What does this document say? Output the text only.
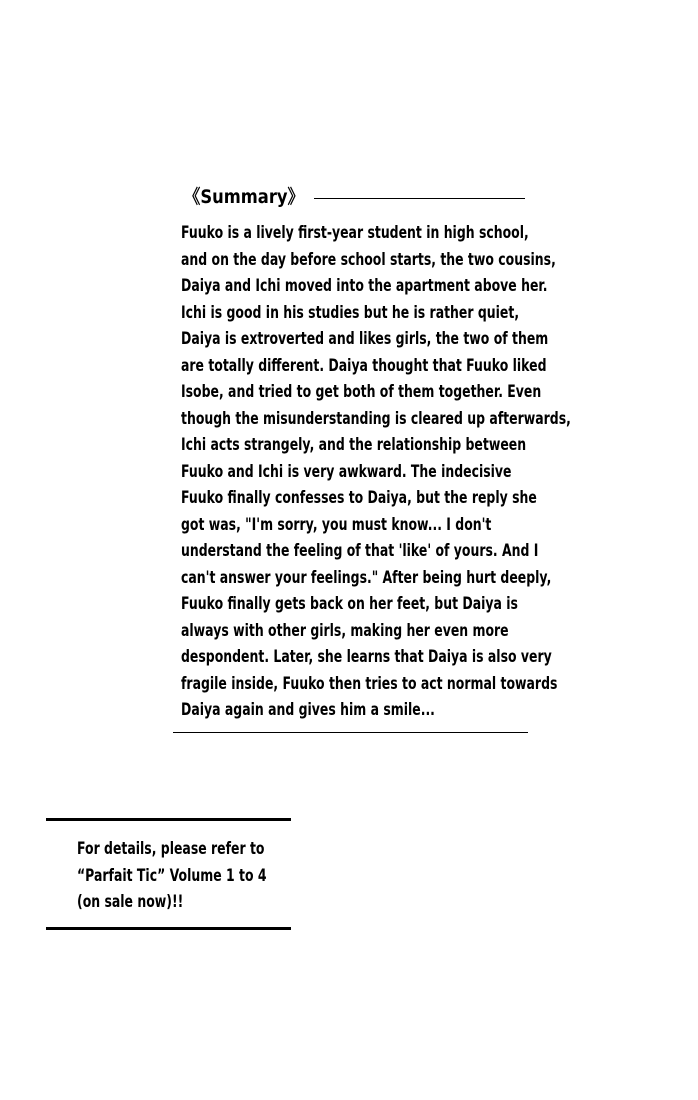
《Summary》
Fuuko is a lively first-year student in high school,
and on the day before school starts, the two cousins,
Daiya and Ichi moved into the apartment above her.
Ichi is good in his studies but he is rather quiet,
Daiya is extroverted and likes girls, the two of them
are totally different. Daiya thought that Fuuko liked
Isobe, and tried to get both of them together. Even
though the misunderstanding is cleared up afterwards,
Ichi acts strangely, and the relationship between
Fuuko and Ichi is very awkward. The indecisive
Fuuko finally confesses to Daiya, but the reply she
got was, "I'm sorry, you must know... I don't
understand the feeling of that 'like' of yours. And I
can't answer your feelings." After being hurt deeply,
Fuuko finally gets back on her feet, but Daiya is
always with other girls, making her even more
despondent. Later, she learns that Daiya is also very
fragile inside, Fuuko then tries to act normal towards
Daiya again and gives him a smile...
For details, please refer to
“Parfait Tic” Volume 1 to 4
(on sale now)!!
